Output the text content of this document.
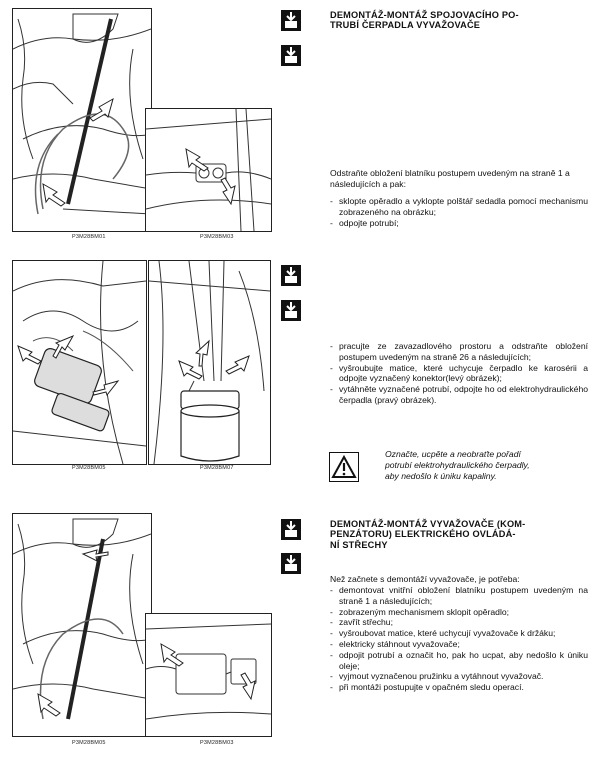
P3M28BM01	P3M28BM03
P3M28BM05	P3M28BM07
P3M28BM05	P3M28BM03
DEMONTÁŽ-MONTÁŽ SPOJOVACÍHO PO-
TRUBÍ ČERPADLA VYVAŽOVAČE

Odstraňte obložení blatníku postupem uvedeným na straně 1 a následujících a pak:

- sklopte opěradlo a vyklopte polštář sedadla pomocí mechanismu zobrazeného na obrázku;
- odpojte potrubí;
- pracujte ze zavazadlového prostoru a odstraňte obložení postupem uvedeným na straně 26 a následujících;
- vyšroubujte matice, které uchycuje čerpadlo ke karosérii a odpojte vyznačený konektor(levý obrázek);
- vytáhněte vyznačené potrubí, odpojte ho od elektrohydraulického čerpadla (pravý obrázek).

Označte, ucpěte a neobraťte pořadí
potrubí elektrohydraulického čerpadly,
aby nedošlo k úniku kapaliny.

DEMONTÁŽ-MONTÁŽ VYVAŽOVAČE (KOM-
PENZÁTORU) ELEKTRICKÉHO OVLÁDÁ-
NÍ STŘECHY

Než začnete s demontáží vyvažovače, je potřeba:

- demontovat vnitřní obložení blatníku postupem uvedeným na straně 1 a následujících;
- zobrazeným mechanismem sklopit opěradlo;
- zavřít střechu;
- vyšroubovat matice, které uchycují vyvažovače k držáku;
- elektricky stáhnout vyvažovače;
- odpojit potrubí a označit ho, pak ho ucpat, aby nedošlo k úniku oleje;
- vyjmout vyznačenou pružinku a vytáhnout vyvažovač.
- při montáži postupujte v opačném sledu operací.
